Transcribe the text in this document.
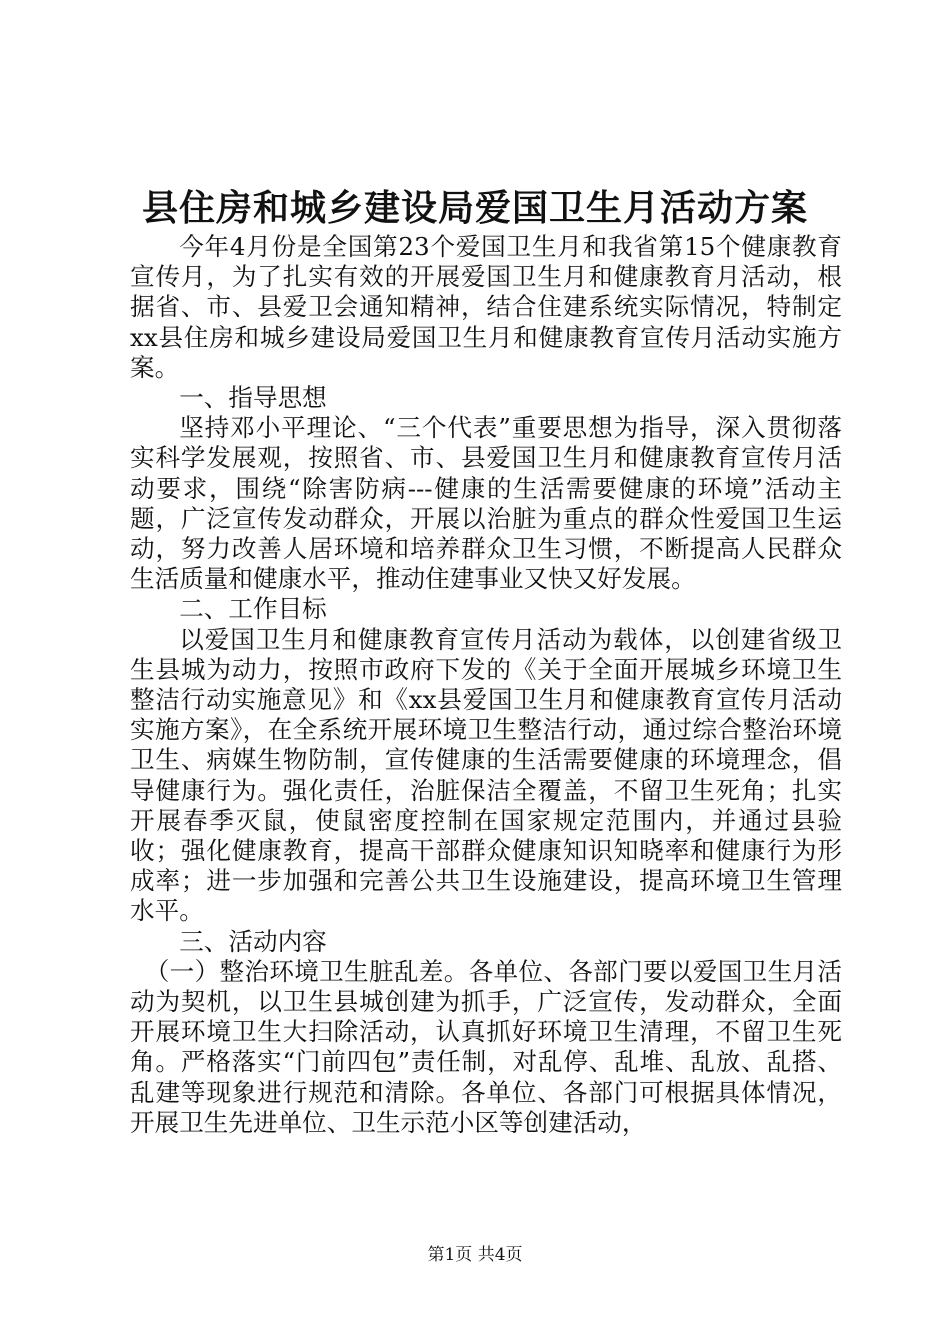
县住房和城乡建设局爱国卫生月活动方案

今年4月份是全国第23个爱国卫生月和我省第15个健康教育宣传月，为了扎实有效的开展爱国卫生月和健康教育月活动，根据省、市、县爱卫会通知精神，结合住建系统实际情况，特制定xx县住房和城乡建设局爱国卫生月和健康教育宣传月活动实施方案。

一、指导思想

坚持邓小平理论、“三个代表”重要思想为指导，深入贯彻落实科学发展观，按照省、市、县爱国卫生月和健康教育宣传月活动要求，围绕“除害防病---健康的生活需要健康的环境”活动主题，广泛宣传发动群众，开展以治脏为重点的群众性爱国卫生运动，努力改善人居环境和培养群众卫生习惯，不断提高人民群众生活质量和健康水平，推动住建事业又快又好发展。

二、工作目标

以爱国卫生月和健康教育宣传月活动为载体，以创建省级卫生县城为动力，按照市政府下发的《关于全面开展城乡环境卫生整洁行动实施意见》和《xx县爱国卫生月和健康教育宣传月活动实施方案》，在全系统开展环境卫生整洁行动，通过综合整治环境卫生、病媒生物防制，宣传健康的生活需要健康的环境理念，倡导健康行为。强化责任，治脏保洁全覆盖，不留卫生死角；扎实开展春季灭鼠，使鼠密度控制在国家规定范围内，并通过县验收；强化健康教育，提高干部群众健康知识知晓率和健康行为形成率；进一步加强和完善公共卫生设施建设，提高环境卫生管理水平。

三、活动内容

（一）整治环境卫生脏乱差。各单位、各部门要以爱国卫生月活动为契机，以卫生县城创建为抓手，广泛宣传，发动群众，全面开展环境卫生大扫除活动，认真抓好环境卫生清理，不留卫生死角。严格落实“门前四包”责任制，对乱停、乱堆、乱放、乱搭、乱建等现象进行规范和清除。各单位、各部门可根据具体情况，开展卫生先进单位、卫生示范小区等创建活动，

第1页 共4页
